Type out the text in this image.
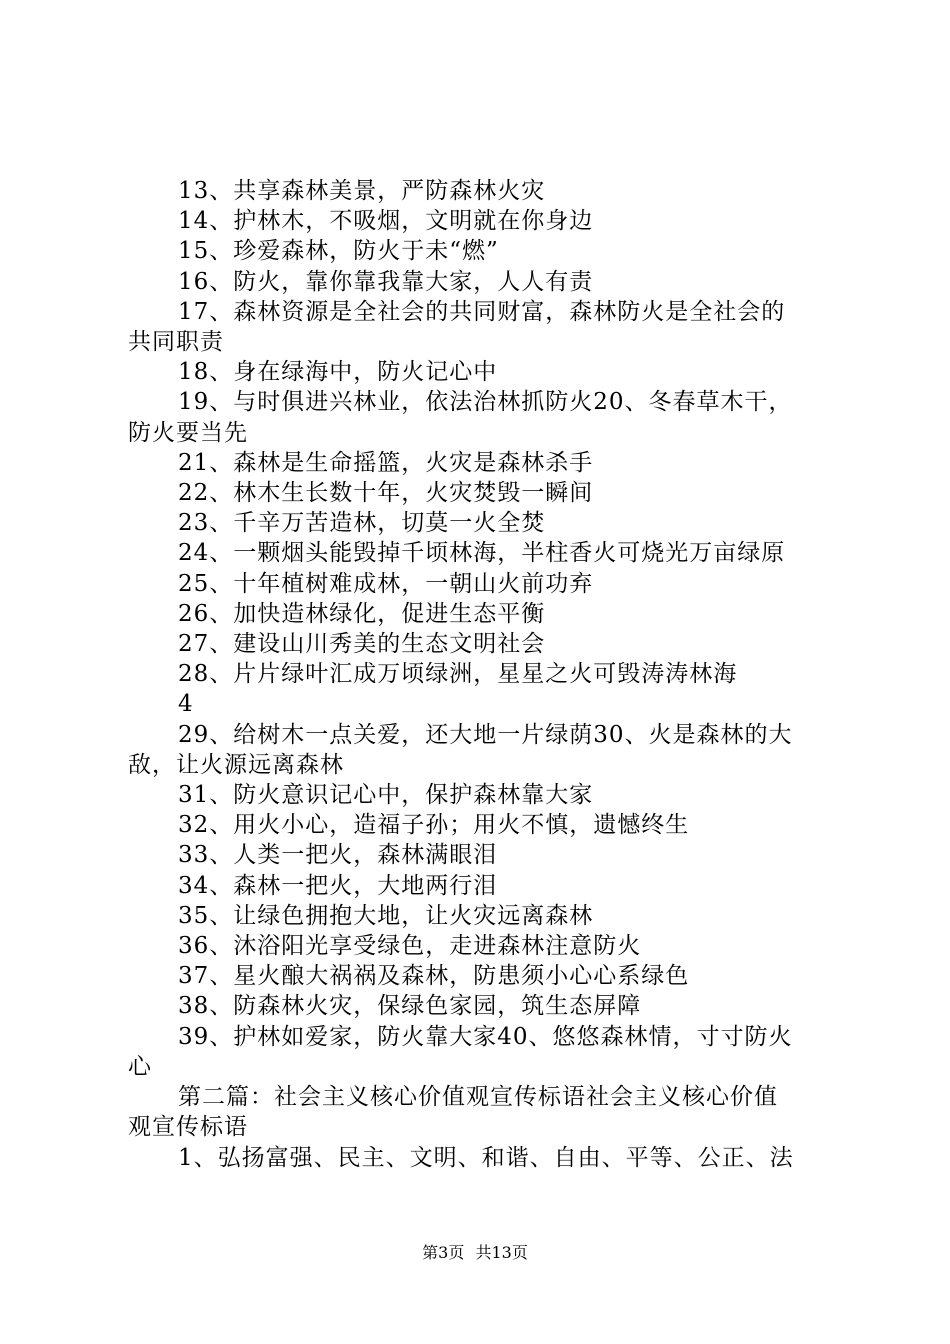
13、共享森林美景，严防森林火灾
14、护林木，不吸烟，文明就在你身边
15、珍爱森林，防火于未“燃”
16、防火，靠你靠我靠大家，人人有责
17、森林资源是全社会的共同财富，森林防火是全社会的
共同职责
18、身在绿海中，防火记心中
19、与时俱进兴林业，依法治林抓防火20、冬春草木干，
防火要当先
21、森林是生命摇篮，火灾是森林杀手
22、林木生长数十年，火灾焚毁一瞬间
23、千辛万苦造林，切莫一火全焚
24、一颗烟头能毁掉千顷林海，半柱香火可烧光万亩绿原
25、十年植树难成林，一朝山火前功弃
26、加快造林绿化，促进生态平衡
27、建设山川秀美的生态文明社会
28、片片绿叶汇成万顷绿洲，星星之火可毁涛涛林海
4
29、给树木一点关爱，还大地一片绿荫30、火是森林的大
敌，让火源远离森林
31、防火意识记心中，保护森林靠大家
32、用火小心，造福子孙；用火不慎，遗憾终生
33、人类一把火，森林满眼泪
34、森林一把火，大地两行泪
35、让绿色拥抱大地，让火灾远离森林
36、沐浴阳光享受绿色，走进森林注意防火
37、星火酿大祸祸及森林，防患须小心心系绿色
38、防森林火灾，保绿色家园，筑生态屏障
39、护林如爱家，防火靠大家40、悠悠森林情，寸寸防火
心
第二篇：社会主义核心价值观宣传标语社会主义核心价值
观宣传标语
1、弘扬富强、民主、文明、和谐、自由、平等、公正、法
第3页 共13页
